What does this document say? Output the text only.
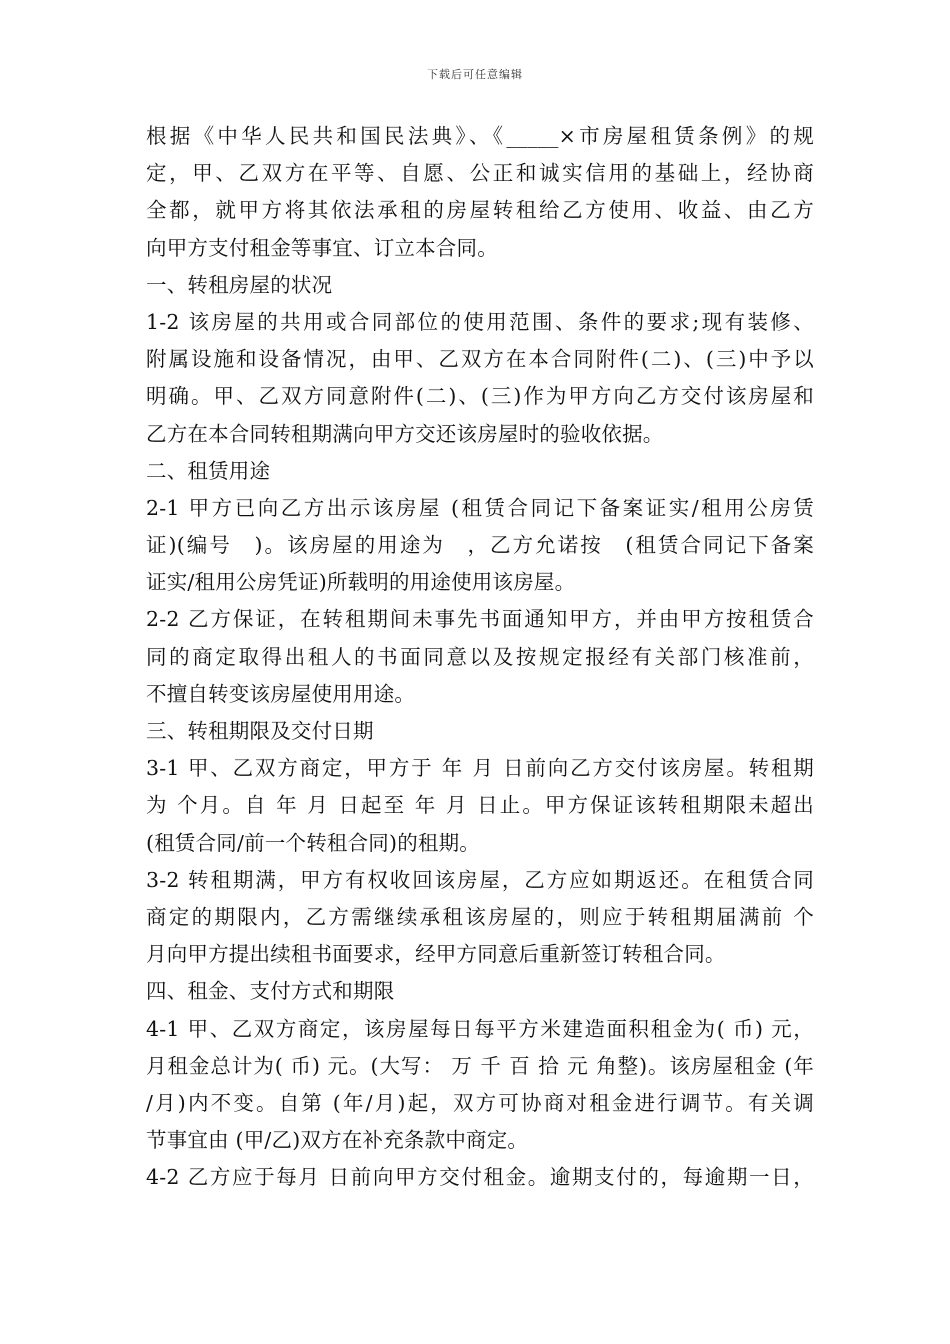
下载后可任意编辑
根据《中华人民共和国民法典》、《_____×市房屋租赁条例》的规
定，甲、乙双方在平等、自愿、公正和诚实信用的基础上，经协商
全都，就甲方将其依法承租的房屋转租给乙方使用、收益、由乙方
向甲方支付租金等事宜、订立本合同。
一、转租房屋的状况
1-2 该房屋的共用或合同部位的使用范围、条件的要求;现有装修、
附属设施和设备情况，由甲、乙双方在本合同附件(二)、(三)中予以
明确。甲、乙双方同意附件(二)、(三)作为甲方向乙方交付该房屋和
乙方在本合同转租期满向甲方交还该房屋时的验收依据。
二、租赁用途
2-1 甲方已向乙方出示该房屋 (租赁合同记下备案证实/租用公房赁
证)(编号　)。该房屋的用途为　，乙方允诺按　(租赁合同记下备案
证实/租用公房凭证)所载明的用途使用该房屋。
2-2 乙方保证，在转租期间未事先书面通知甲方，并由甲方按租赁合
同的商定取得出租人的书面同意以及按规定报经有关部门核准前，
不擅自转变该房屋使用用途。
三、转租期限及交付日期
3-1 甲、乙双方商定，甲方于 年 月 日前向乙方交付该房屋。转租期
为 个月。自 年 月 日起至 年 月 日止。甲方保证该转租期限未超出
(租赁合同/前一个转租合同)的租期。
3-2 转租期满，甲方有权收回该房屋，乙方应如期返还。在租赁合同
商定的期限内，乙方需继续承租该房屋的，则应于转租期届满前 个
月向甲方提出续租书面要求，经甲方同意后重新签订转租合同。
四、租金、支付方式和期限
4-1 甲、乙双方商定，该房屋每日每平方米建造面积租金为( 币) 元，
月租金总计为( 币) 元。(大写： 万 千 百 拾 元 角整)。该房屋租金 (年
/月)内不变。自第 (年/月)起，双方可协商对租金进行调节。有关调
节事宜由 (甲/乙)双方在补充条款中商定。
4-2 乙方应于每月 日前向甲方交付租金。逾期支付的，每逾期一日，
